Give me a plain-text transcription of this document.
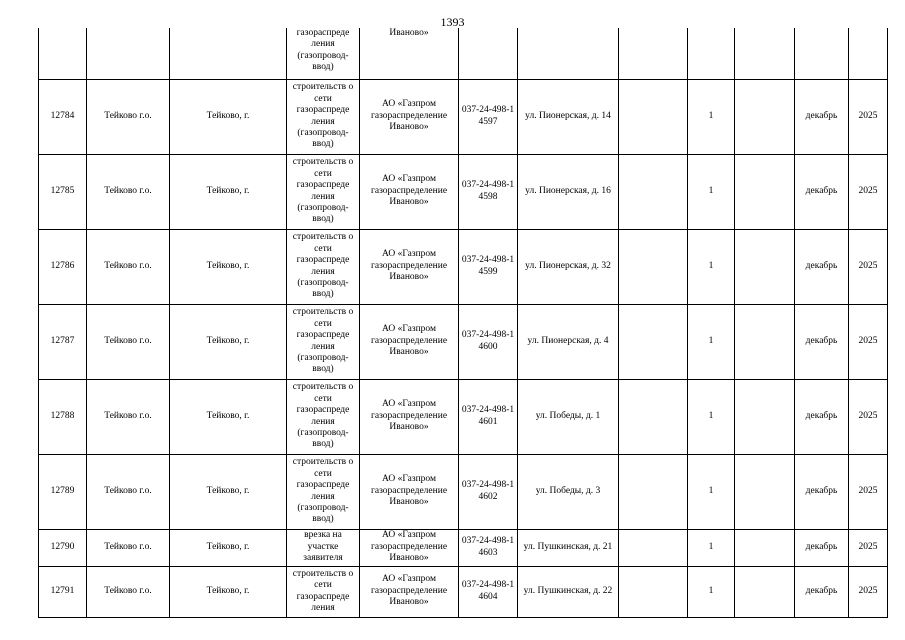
1393
			газораспреде ления (газопровод-ввод)	Иваново»							
12784	Тейково г.о.	Тейково, г.	строительств о сети газораспреде ления (газопровод-ввод)	АО «Газпром газораспределение Иваново»	037-24-498-14597	ул. Пионерская, д. 14		1		декабрь	2025
12785	Тейково г.о.	Тейково, г.	строительств о сети газораспреде ления (газопровод-ввод)	АО «Газпром газораспределение Иваново»	037-24-498-14598	ул. Пионерская, д. 16		1		декабрь	2025
12786	Тейково г.о.	Тейково, г.	строительств о сети газораспреде ления (газопровод-ввод)	АО «Газпром газораспределение Иваново»	037-24-498-14599	ул. Пионерская, д. 32		1		декабрь	2025
12787	Тейково г.о.	Тейково, г.	строительств о сети газораспреде ления (газопровод-ввод)	АО «Газпром газораспределение Иваново»	037-24-498-14600	ул. Пионерская, д. 4		1		декабрь	2025
12788	Тейково г.о.	Тейково, г.	строительств о сети газораспреде ления (газопровод-ввод)	АО «Газпром газораспределение Иваново»	037-24-498-14601	ул. Победы, д. 1		1		декабрь	2025
12789	Тейково г.о.	Тейково, г.	строительств о сети газораспреде ления (газопровод-ввод)	АО «Газпром газораспределение Иваново»	037-24-498-14602	ул. Победы, д. 3		1		декабрь	2025
12790	Тейково г.о.	Тейково, г.	врезка на участке заявителя	АО «Газпром газораспределение Иваново»	037-24-498-14603	ул. Пушкинская, д. 21		1		декабрь	2025
12791	Тейково г.о.	Тейково, г.	строительств о сети газораспреде ления	АО «Газпром газораспределение Иваново»	037-24-498-14604	ул. Пушкинская, д. 22		1		декабрь	2025
